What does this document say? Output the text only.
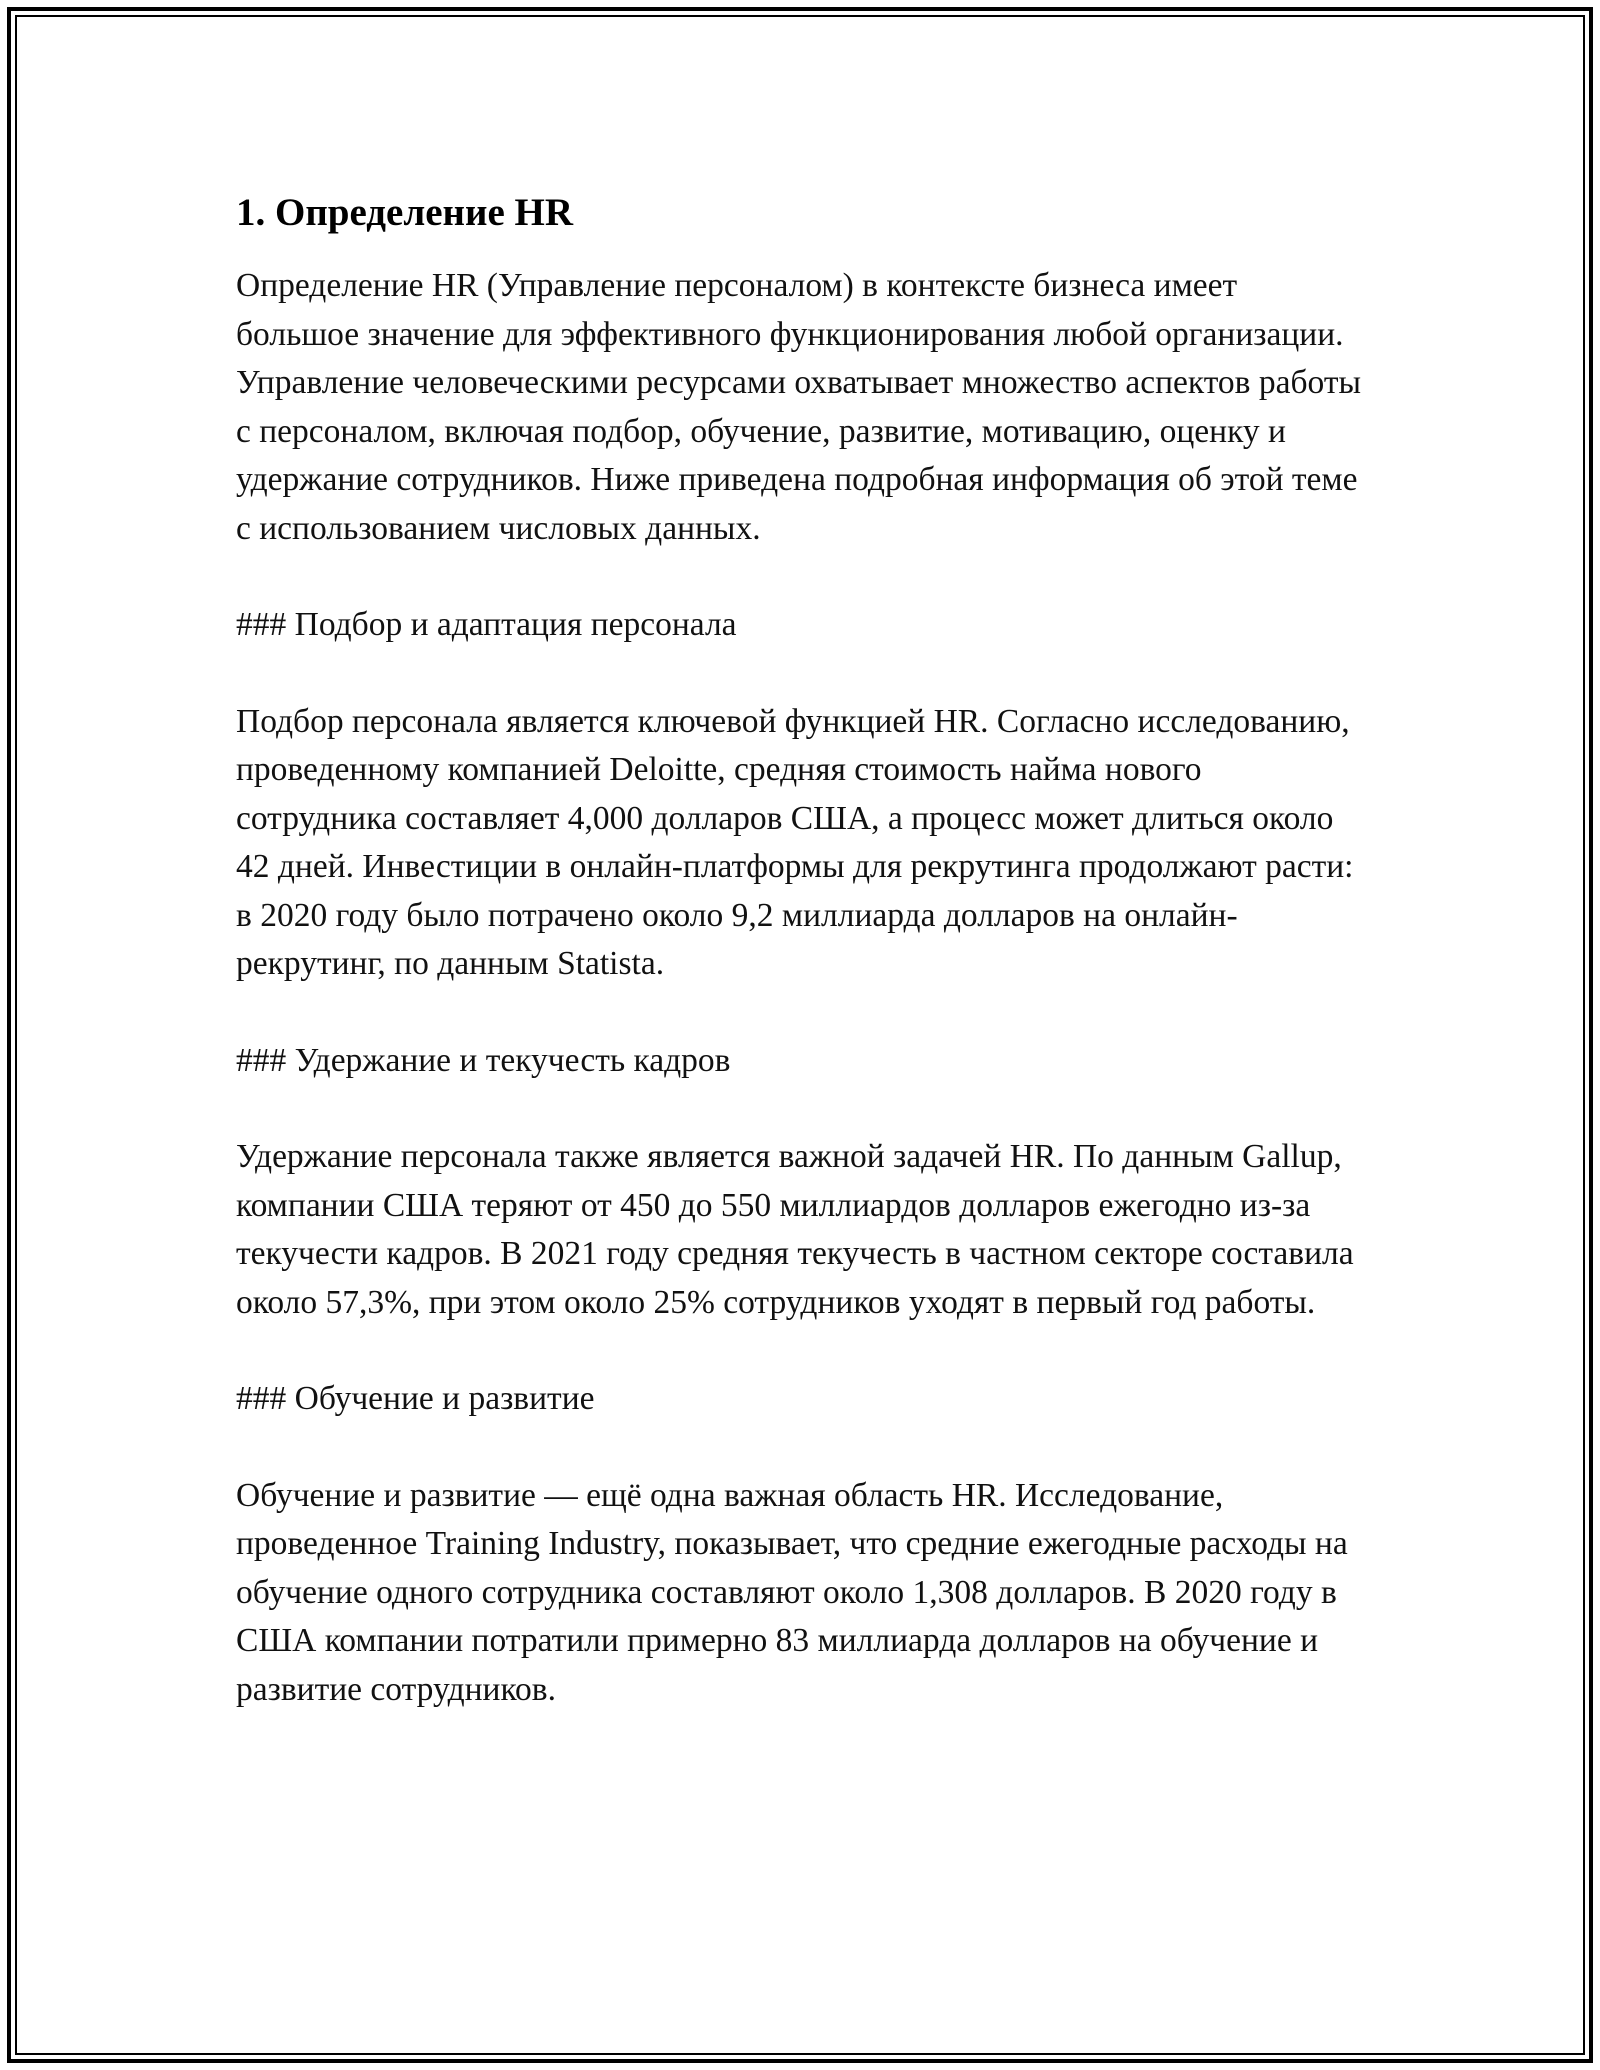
1. Определение HR

Определение HR (Управление персоналом) в контексте бизнеса имеет большое значение для эффективного функционирования любой организации. Управление человеческими ресурсами охватывает множество аспектов работы с персоналом, включая подбор, обучение, развитие, мотивацию, оценку и удержание сотрудников. Ниже приведена подробная информация об этой теме с использованием числовых данных.

### Подбор и адаптация персонала

Подбор персонала является ключевой функцией HR. Согласно исследованию, проведенному компанией Deloitte, средняя стоимость найма нового сотрудника составляет 4,000 долларов США, а процесс может длиться около 42 дней. Инвестиции в онлайн-платформы для рекрутинга продолжают расти: в 2020 году было потрачено около 9,2 миллиарда долларов на онлайн-рекрутинг, по данным Statista.

### Удержание и текучесть кадров

Удержание персонала также является важной задачей HR. По данным Gallup, компании США теряют от 450 до 550 миллиардов долларов ежегодно из-за текучести кадров. В 2021 году средняя текучесть в частном секторе составила около 57,3%, при этом около 25% сотрудников уходят в первый год работы.

### Обучение и развитие

Обучение и развитие — ещё одна важная область HR. Исследование, проведенное Training Industry, показывает, что средние ежегодные расходы на обучение одного сотрудника составляют около 1,308 долларов. В 2020 году в США компании потратили примерно 83 миллиарда долларов на обучение и развитие сотрудников.
